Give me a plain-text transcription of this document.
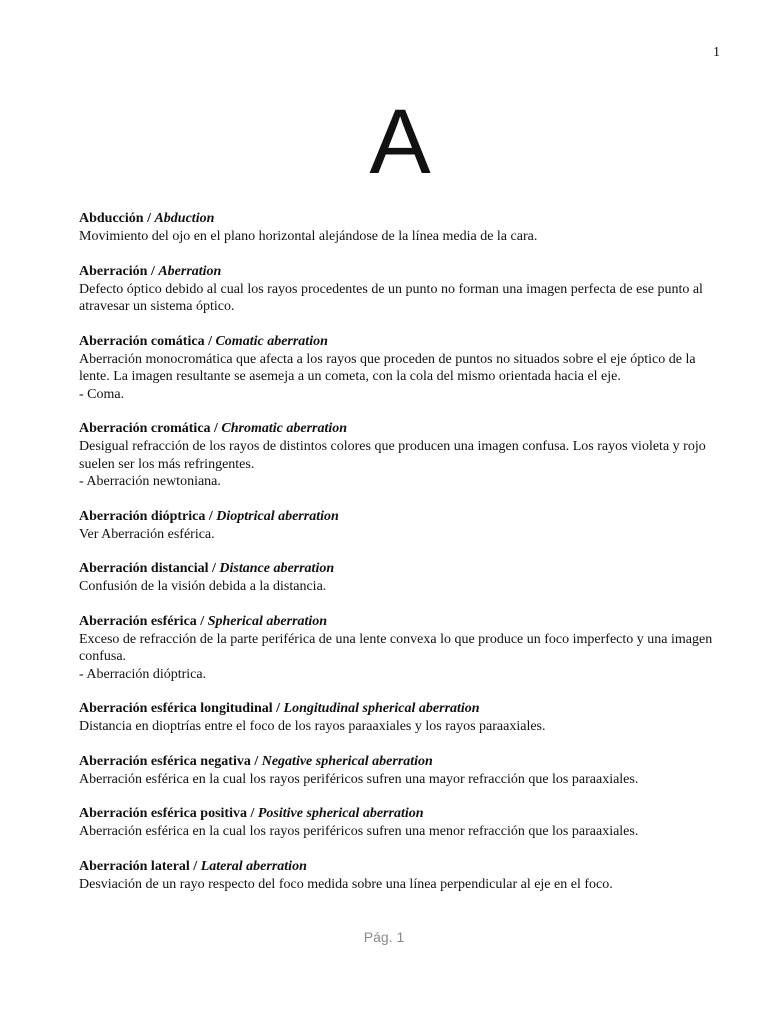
1
A
Abducción / Abduction
Movimiento del ojo en el plano horizontal alejándose de la línea media de la cara.
Aberración / Aberration
Defecto óptico debido al cual los rayos procedentes de un punto no forman una imagen perfecta de ese punto al atravesar un sistema óptico.
Aberración comática / Comatic aberration
Aberración monocromática que afecta a los rayos que proceden de puntos no situados sobre el eje óptico de la lente. La imagen resultante se asemeja a un cometa, con la cola del mismo orientada hacia el eje.
- Coma.
Aberración cromática / Chromatic aberration
Desigual refracción de los rayos de distintos colores que producen una imagen confusa. Los rayos violeta y rojo suelen ser los más refringentes.
- Aberración newtoniana.
Aberración dióptrica / Dioptrical aberration
Ver Aberración esférica.
Aberración distancial / Distance aberration
Confusión de la visión debida a la distancia.
Aberración esférica / Spherical aberration
Exceso de refracción de la parte periférica de una lente convexa lo que produce un foco imperfecto y una imagen confusa.
- Aberración dióptrica.
Aberración esférica longitudinal / Longitudinal spherical aberration
Distancia en dioptrías entre el foco de los rayos paraaxiales y los rayos paraaxiales.
Aberración esférica negativa / Negative spherical aberration
Aberración esférica en la cual los rayos periféricos sufren una mayor refracción que los paraaxiales.
Aberración esférica positiva / Positive spherical aberration
Aberración esférica en la cual los rayos periféricos sufren una menor refracción que los paraaxiales.
Aberración lateral / Lateral aberration
Desviación de un rayo respecto del foco medida sobre una línea perpendicular al eje en el foco.
Pág. 1
